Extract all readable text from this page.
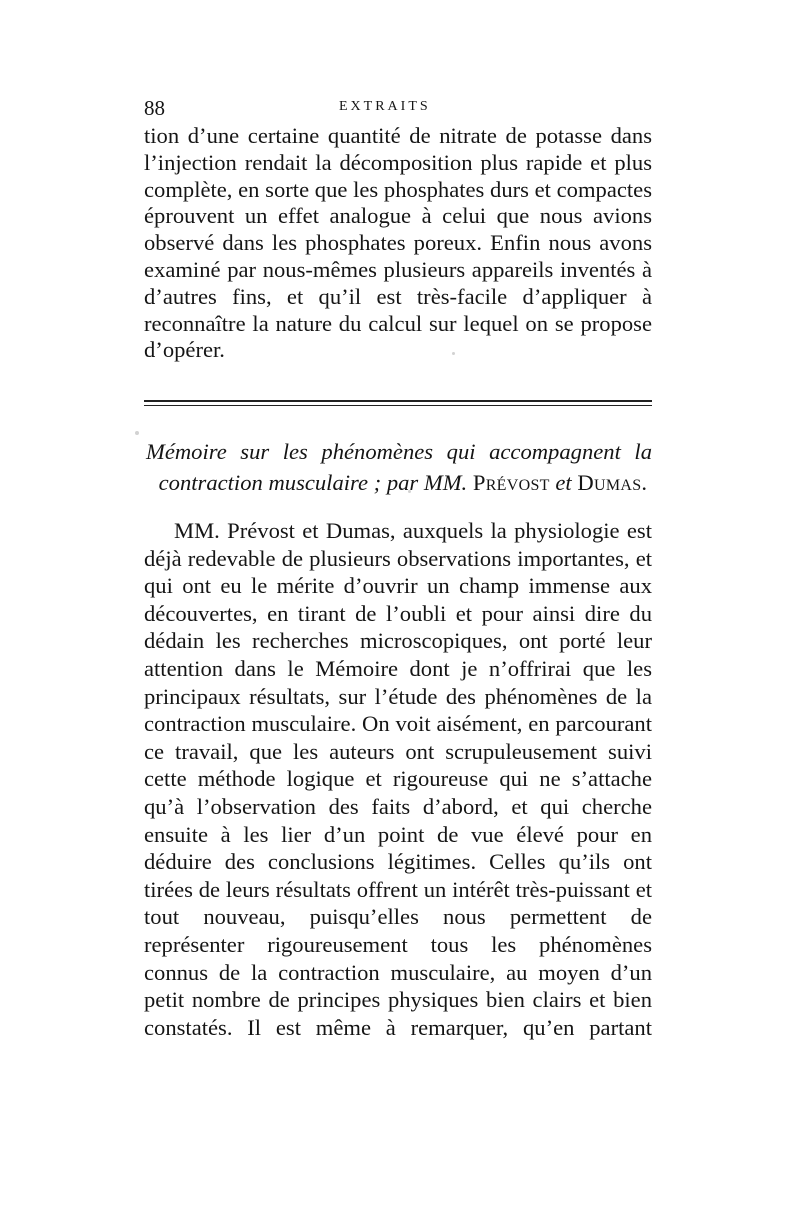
88	EXTRAITS

tion d’une certaine quantité de nitrate de potasse dans l’injection rendait la décomposition plus rapide et plus complète, en sorte que les phosphates durs et compactes éprouvent un effet analogue à celui que nous avions observé dans les phosphates poreux. Enfin nous avons examiné par nous-mêmes plusieurs appareils inventés à d’autres fins, et qu’il est très-facile d’appliquer à reconnaître la nature du calcul sur lequel on se propose d’opérer.

Mémoire sur les phénomènes qui accompagnent la
contraction musculaire ; par MM. Prévost et Dumas.

MM. Prévost et Dumas, auxquels la physiologie est déjà redevable de plusieurs observations importantes, et qui ont eu le mérite d’ouvrir un champ immense aux découvertes, en tirant de l’oubli et pour ainsi dire du dédain les recherches microscopiques, ont porté leur attention dans le Mémoire dont je n’offrirai que les principaux résultats, sur l’étude des phénomènes de la contraction musculaire. On voit aisément, en parcourant ce travail, que les auteurs ont scrupuleusement suivi cette méthode logique et rigoureuse qui ne s’attache qu’à l’observation des faits d’abord, et qui cherche ensuite à les lier d’un point de vue élevé pour en déduire des conclusions légitimes. Celles qu’ils ont tirées de leurs résultats offrent un intérêt très-puissant et tout nouveau, puisqu’elles nous permettent de représenter rigoureusement tous les phénomènes connus de la contraction musculaire, au moyen d’un petit nombre de principes physiques bien clairs et bien constatés. Il est même à remarquer, qu’en partant
